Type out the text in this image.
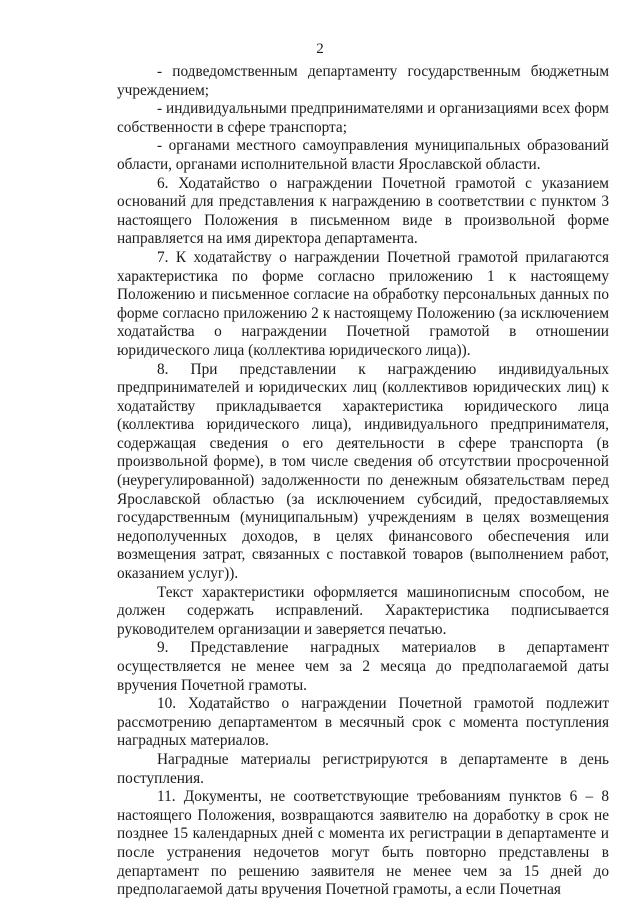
2

- подведомственным департаменту государственным бюджетным учреждением;

- индивидуальными предпринимателями и организациями всех форм собственности в сфере транспорта;

- органами местного самоуправления муниципальных образований области, органами исполнительной власти Ярославской области.

6. Ходатайство о награждении Почетной грамотой с указанием оснований для представления к награждению в соответствии с пунктом 3 настоящего Положения в письменном виде в произвольной форме направляется на имя директора департамента.

7. К ходатайству о награждении Почетной грамотой прилагаются характеристика по форме согласно приложению 1 к настоящему Положению и письменное согласие на обработку персональных данных по форме согласно приложению 2 к настоящему Положению (за исключением ходатайства о награждении Почетной грамотой в отношении юридического лица (коллектива юридического лица)).

8. При представлении к награждению индивидуальных предпринимателей и юридических лиц (коллективов юридических лиц) к ходатайству прикладывается характеристика юридического лица (коллектива юридического лица), индивидуального предпринимателя, содержащая сведения о его деятельности в сфере транспорта (в произвольной форме), в том числе сведения об отсутствии просроченной (неурегулированной) задолженности по денежным обязательствам перед Ярославской областью (за исключением субсидий, предоставляемых государственным (муниципальным) учреждениям в целях возмещения недополученных доходов, в целях финансового обеспечения или возмещения затрат, связанных с поставкой товаров (выполнением работ, оказанием услуг)).

Текст характеристики оформляется машинописным способом, не должен содержать исправлений. Характеристика подписывается руководителем организации и заверяется печатью.

9. Представление наградных материалов в департамент осуществляется не менее чем за 2 месяца до предполагаемой даты вручения Почетной грамоты.

10. Ходатайство о награждении Почетной грамотой подлежит рассмотрению департаментом в месячный срок с момента поступления наградных материалов.

Наградные материалы регистрируются в департаменте в день поступления.

11. Документы, не соответствующие требованиям пунктов 6 – 8 настоящего Положения, возвращаются заявителю на доработку в срок не позднее 15 календарных дней с момента их регистрации в департаменте и после устранения недочетов могут быть повторно представлены в департамент по решению заявителя не менее чем за 15 дней до предполагаемой даты вручения Почетной грамоты, а если Почетная
